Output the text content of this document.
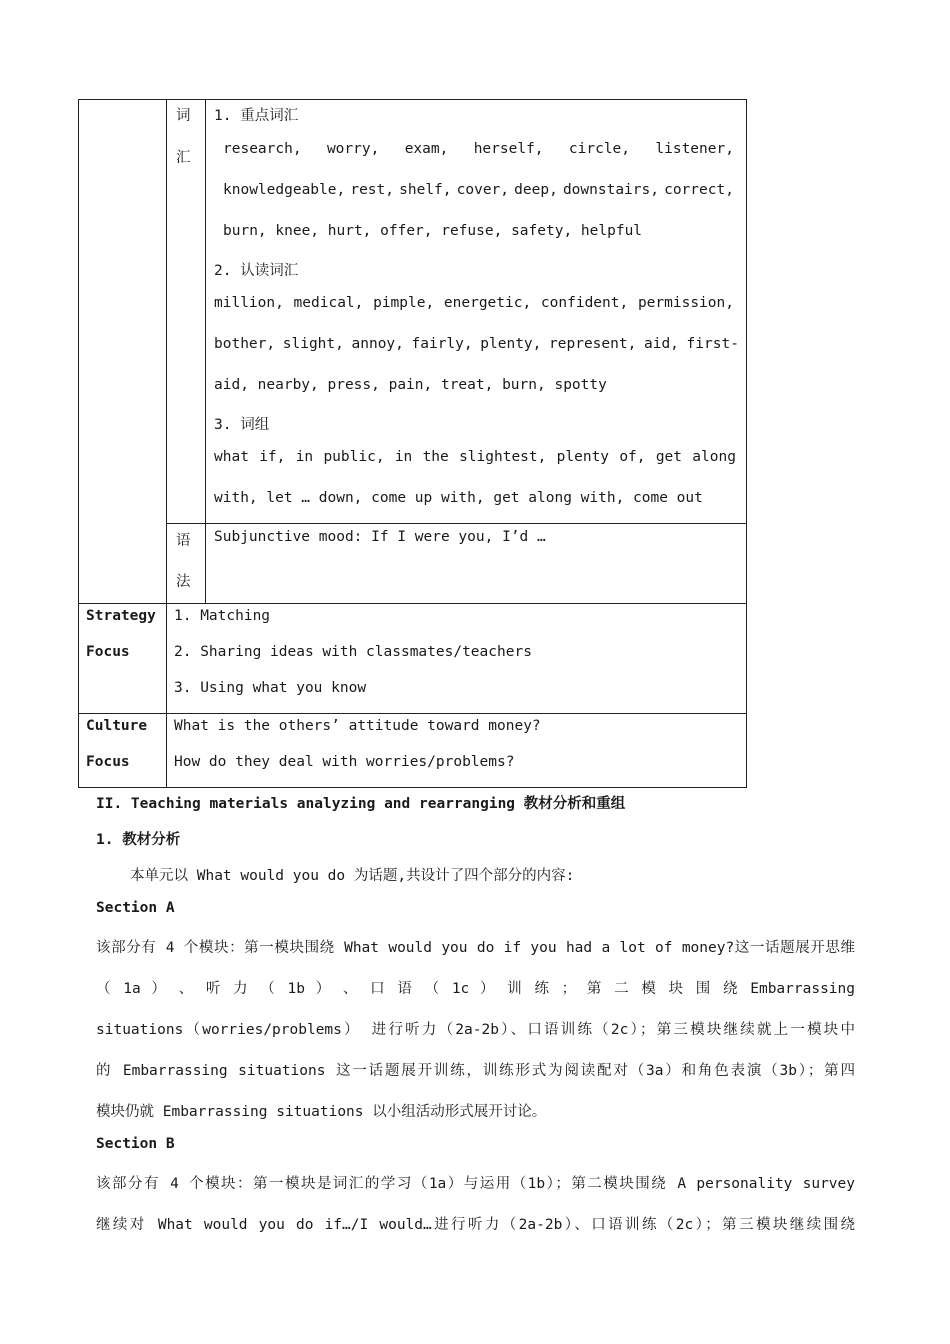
词
汇
1. 重点词汇
research, worry, exam, herself, circle, listener,
knowledgeable, rest, shelf, cover, deep, downstairs, correct,
burn, knee, hurt, offer, refuse, safety, helpful
2. 认读词汇
million, medical, pimple, energetic, confident, permission,
bother, slight, annoy, fairly, plenty, represent, aid, first-
aid, nearby, press, pain, treat, burn, spotty
3. 词组
what if, in public, in the slightest, plenty of, get along
with, let … down, come up with, get along with, come out
语
法
Subjunctive mood: If I were you, I’d …
Strategy
Focus
1. Matching
2. Sharing ideas with classmates/teachers
3. Using what you know
Culture
Focus
What is the others’ attitude toward money?
How do they deal with worries/problems?
II. Teaching materials analyzing and rearranging 教材分析和重组
1. 教材分析
本单元以 What would you do 为话题,共设计了四个部分的内容:
Section A
该部分有 4 个模块：第一模块围绕 What would you do if you had a lot of money?这一话题展开思维
（ 1a ） 、 听 力 （ 1b ） 、 口 语 （ 1c ） 训 练 ； 第 二 模 块 围 绕 Embarrassing
situations（worries/problems） 进行听力（2a-2b）、口语训练（2c）；第三模块继续就上一模块中
的 Embarrassing situations 这一话题展开训练，训练形式为阅读配对（3a）和角色表演（3b）；第四
模块仍就 Embarrassing situations 以小组活动形式展开讨论。
Section B
该部分有 4 个模块：第一模块是词汇的学习（1a）与运用（1b）；第二模块围绕 A personality survey
继续对 What would you do if…/I would…进行听力（2a-2b）、口语训练（2c）；第三模块继续围绕
